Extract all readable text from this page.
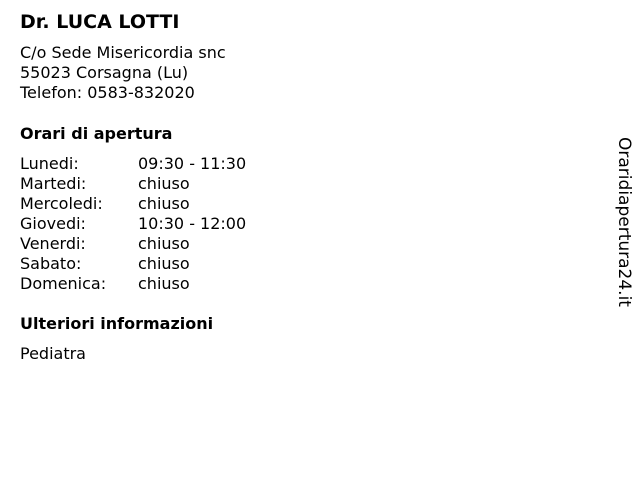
Dr. LUCA LOTTI
C/o Sede Misericordia snc
55023 Corsagna (Lu)
Telefon: 0583-832020
Orari di apertura
Lunedi:	09:30 - 11:30
Martedi:	chiuso
Mercoledi:	chiuso
Giovedi:	10:30 - 12:00
Venerdi:	chiuso
Sabato:	chiuso
Domenica:	chiuso
Ulteriori informazioni
Pediatra
Oraridiapertura24.it
